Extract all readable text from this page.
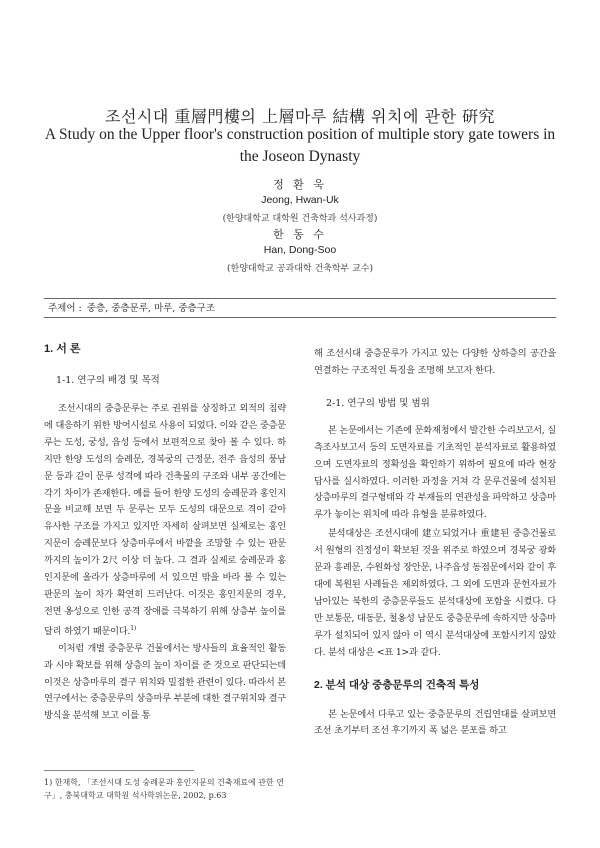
조선시대 重層門樓의 上層마루 結構 위치에 관한 硏究
A Study on the Upper floor's construction position of multiple story gate towers in the Joseon Dynasty
정 환 욱
Jeong, Hwan-Uk
(한양대학교 대학원 건축학과 석사과정)
한 동 수
Han, Dong-Soo
(한양대학교 공과대학 건축학부 교수)
주제어 : 중층, 중층문루, 마루, 중층구조
1. 서 론
1-1. 연구의 배경 및 목적

조선시대의 중층문루는 주로 권위를 상징하고 외적의 침략에 대응하기 위한 방어시설로 사용이 되었다. 이와 같은 중층문루는 도성, 궁성, 읍성 등에서 보편적으로 찾아 볼 수 있다. 하지만 한양 도성의 숭례문, 경복궁의 근정문, 전주 읍성의 풍남문 등과 같이 문루 성격에 따라 건축물의 구조와 내부 공간에는 각기 차이가 존재한다. 예를 들어 한양 도성의 숭례문과 홍인지문을 비교해 보면 두 문루는 모두 도성의 대문으로 격이 같아 유사한 구조를 가지고 있지만 자세히 살펴보면 실제로는 홍인지문이 숭례문보다 상층마루에서 바깥을 조망할 수 있는 판문까지의 높이가 2尺 이상 더 높다. 그 결과 실제로 숭례문과 홍인지문에 올라가 상층마루에 서 있으면 밖을 바라 볼 수 있는 판문의 높이 차가 확연히 드러난다. 이것은 홍인지문의 경우, 전면 옹성으로 인한 공격 장애를 극복하기 위해 상층부 높이를 달리 하였기 때문이다.$^{1)}$

이처럼 개별 중층문루 건물에서는 방사들의 효율적인 활동과 시야 확보를 위해 상층의 높이 차이를 준 것으로 판단되는데 이것은 상층마루의 결구 위치와 밀접한 관련이 있다. 따라서 본 연구에서는 중층문루의 상층마루 부분에 대한 결구위치와 결구방식을 분석해 보고 이를 통

1) 한재학, 「조선시대 도성 숭례문과 홍인지문의 건축재료에 관한 연구」, 충북대학교 대학원 석사학위논문, 2002, p.63

해 조선시대 중층문루가 가지고 있는 다양한 상하층의 공간을 연결하는 구조적인 특징을 조명해 보고자 한다.

2-1. 연구의 방법 및 범위

본 논문에서는 기존에 문화재청에서 발간한 수리보고서, 실측조사보고서 등의 도면자료를 기초적인 분석자료로 활용하였으며 도면자료의 정확성을 확인하기 위하여 필요에 따라 현장답사를 실시하였다. 이러한 과정을 거쳐 각 문루건물에 설치된 상층마루의 결구형태와 각 부재들의 연관성을 파악하고 상층마루가 놓이는 위치에 따라 유형을 분류하였다.

분석대상은 조선시대에 建立되었거나 重建된 중층건물로서 원형의 진정성이 확보된 것을 위주로 하였으며 경복궁 광화문과 흥례문, 수원화성 장안문, 나주읍성 동점문에서와 같이 후대에 복원된 사례들은 제외하였다. 그 외에 도면과 문헌자료가 남아있는 북한의 중층문루들도 분석대상에 포함을 시켰다. 다만 보통문, 대동문, 철옹성 남문도 중층문루에 속하지만 상층마루가 설치되어 있지 않아 이 역시 분석대상에 포함시키지 않았다. 분석 대상은 <표 1>과 같다.

2. 분석 대상 중층문루의 건축적 특성

본 논문에서 다루고 있는 중층문루의 건립연대를 살펴보면 조선 초기부터 조선 후기까지 폭 넓은 분포를 하고
